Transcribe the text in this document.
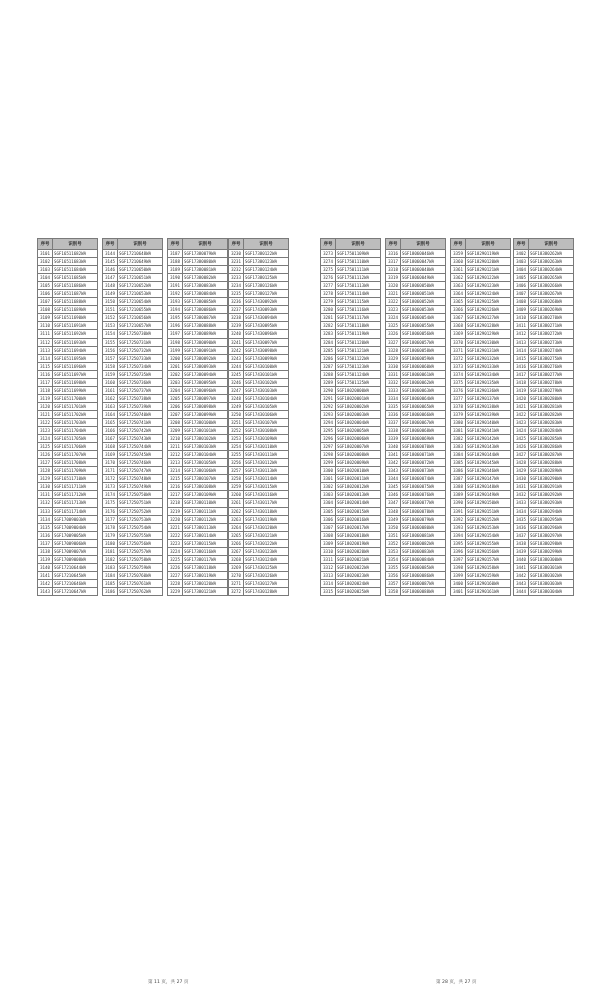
序号	识别号
3101	SGF16511682WA
3102	SGF16511683WA
3103	SGF16511684WA
3104	SGF16511685WA
3105	SGF16511686WA
3106	SGF16511687WA
3107	SGF16511688WA
3108	SGF16511689WA
3109	SGF16511690WA
3110	SGF16511691WA
3111	SGF16511692WA
3112	SGF16511693WA
3113	SGF16511694WA
3114	SGF16511695WA
3115	SGF16511696WA
3116	SGF16511697WA
3117	SGF16511698WA
3118	SGF16511699WA
3119	SGF16511700WA
3120	SGF16511701WA
3121	SGF16511702WA
3122	SGF16511703WA
3123	SGF16511704WA
3124	SGF16511705WA
3125	SGF16511706WA
3126	SGF16511707WA
3127	SGF16511708WA
3128	SGF16511709WA
3129	SGF16511710WA
3130	SGF16511711WA
3131	SGF16511712WA
3132	SGF16511713WA
3133	SGF16511714WA
3134	SGF17009003WA
3135	SGF17009004WA
3136	SGF17009005WA
3137	SGF17009006WA
3138	SGF17009007WA
3139	SGF17009008WA
3140	SGF17210644WA
3141	SGF17210645WA
3142	SGF17210646WA
3143	SGF17210647WA
序号	识别号
3144	SGF17210648WA
3145	SGF17210649WA
3146	SGF17210650WA
3147	SGF17210651WA
3148	SGF17210652WA
3149	SGF17210653WA
3150	SGF17210654WA
3151	SGF17210655WA
3152	SGF17210656WA
3153	SGF17210657WA
3154	SGF17250730WA
3155	SGF17250731WA
3156	SGF17250732WA
3157	SGF17250733WA
3158	SGF17250734WA
3159	SGF17250735WA
3160	SGF17250736WA
3161	SGF17250737WA
3162	SGF17250738WA
3163	SGF17250739WA
3164	SGF17250740WA
3165	SGF17250741WA
3166	SGF17250742WA
3167	SGF17250743WA
3168	SGF17250744WA
3169	SGF17250745WA
3170	SGF17250746WA
3171	SGF17250747WA
3172	SGF17250748WA
3173	SGF17250749WA
3174	SGF17250750WA
3175	SGF17250751WA
3176	SGF17250752WA
3177	SGF17250753WA
3178	SGF17250754WA
3179	SGF17250755WA
3180	SGF17250756WA
3181	SGF17250757WA
3182	SGF17250758WA
3183	SGF17250759WA
3184	SGF17250760WA
3185	SGF17250761WA
3186	SGF17250762WA
序号	识别号
3187	SGF17380079WA
3188	SGF17380080WA
3189	SGF17380081WA
3190	SGF17380082WA
3191	SGF17380083WA
3192	SGF17380084WA
3193	SGF17380085WA
3194	SGF17380086WA
3195	SGF17380087WA
3196	SGF17380088WA
3197	SGF17380089WA
3198	SGF17380090WA
3199	SGF17380091WA
3200	SGF17380092WA
3201	SGF17380093WA
3202	SGF17380094WA
3203	SGF17380095WA
3204	SGF17380096WA
3205	SGF17380097WA
3206	SGF17380098WA
3207	SGF17380099WA
3208	SGF17380100WA
3209	SGF17380101WA
3210	SGF17380102WA
3211	SGF17380103WA
3212	SGF17380104WA
3213	SGF17380105WA
3214	SGF17380106WA
3215	SGF17380107WA
3216	SGF17380108WA
3217	SGF17380109WA
3218	SGF17380110WA
3219	SGF17380111WA
3220	SGF17380112WA
3221	SGF17380113WA
3222	SGF17380114WA
3223	SGF17380115WA
3224	SGF17380116WA
3225	SGF17380117WA
3226	SGF17380118WA
3227	SGF17380119WA
3228	SGF17380120WA
3229	SGF17380121WA
序号	识别号
3230	SGF17380122WA
3231	SGF17380123WA
3232	SGF17380124WA
3233	SGF17380125WA
3234	SGF17380126WA
3235	SGF17380127WA
3236	SGF17430092WA
3237	SGF17430093WA
3238	SGF17430094WA
3239	SGF17430095WA
3240	SGF17430096WA
3241	SGF17430097WA
3242	SGF17430098WA
3243	SGF17430099WA
3244	SGF17430100WA
3245	SGF17430101WA
3246	SGF17430102WA
3247	SGF17430103WA
3248	SGF17430104WA
3249	SGF17430105WA
3250	SGF17430106WA
3251	SGF17430107WA
3252	SGF17430108WA
3253	SGF17430109WA
3254	SGF17430110WA
3255	SGF17430111WA
3256	SGF17430112WA
3257	SGF17430113WA
3258	SGF17430114WA
3259	SGF17430115WA
3260	SGF17430116WA
3261	SGF17430117WA
3262	SGF17430118WA
3263	SGF17430119WA
3264	SGF17430120WA
3265	SGF17430121WA
3266	SGF17430122WA
3267	SGF17430123WA
3268	SGF17430124WA
3269	SGF17430125WA
3270	SGF17430126WA
3271	SGF17430127WA
3272	SGF17430128WA
序号	识别号
3273	SGF17501109WA
3274	SGF17501110WA
3275	SGF17501111WA
3276	SGF17501112WA
3277	SGF17501113WA
3278	SGF17501114WA
3279	SGF17501115WA
3280	SGF17501116WA
3281	SGF17501117WA
3282	SGF17501118WA
3283	SGF17501119WA
3284	SGF17501120WA
3285	SGF17501121WA
3286	SGF17501122WA
3287	SGF17501123WA
3288	SGF17501124WA
3289	SGF17501125WA
3290	SGF18020000WA
3291	SGF18020001WA
3292	SGF18020002WA
3293	SGF18020003WA
3294	SGF18020004WA
3295	SGF18020005WA
3296	SGF18020006WA
3297	SGF18020007WA
3298	SGF18020008WA
3299	SGF18020009WA
3300	SGF18020010WA
3301	SGF18020011WA
3302	SGF18020012WA
3303	SGF18020013WA
3304	SGF18020014WA
3305	SGF18020015WA
3306	SGF18020016WA
3307	SGF18020017WA
3308	SGF18020018WA
3309	SGF18020019WA
3310	SGF18020020WA
3311	SGF18020021WA
3312	SGF18020022WA
3313	SGF18020023WA
3314	SGF18020024WA
3315	SGF18020025WA
序号	识别号
3316	SGF18060046WA
3317	SGF18060047WA
3318	SGF18060048WA
3319	SGF18060049WA
3320	SGF18060050WA
3321	SGF18060051WA
3322	SGF18060052WA
3323	SGF18060053WA
3324	SGF18060054WA
3325	SGF18060055WA
3326	SGF18060056WA
3327	SGF18060057WA
3328	SGF18060058WA
3329	SGF18060059WA
3330	SGF18060060WA
3331	SGF18060061WA
3332	SGF18060062WA
3333	SGF18060063WA
3334	SGF18060064WA
3335	SGF18060065WA
3336	SGF18060066WA
3337	SGF18060067WA
3338	SGF18060068WA
3339	SGF18060069WA
3340	SGF18060070WA
3341	SGF18060071WA
3342	SGF18060072WA
3343	SGF18060073WA
3344	SGF18060074WA
3345	SGF18060075WA
3346	SGF18060076WA
3347	SGF18060077WA
3348	SGF18060078WA
3349	SGF18060079WA
3350	SGF18060080WA
3351	SGF18060081WA
3352	SGF18060082WA
3353	SGF18060083WA
3354	SGF18060084WA
3355	SGF18060085WA
3356	SGF18060086WA
3357	SGF18060087WA
3358	SGF18060088WA
序号	识别号
3359	SGF18290119WA
3360	SGF18290120WA
3361	SGF18290121WA
3362	SGF18290122WA
3363	SGF18290123WA
3364	SGF18290124WA
3365	SGF18290125WA
3366	SGF18290126WA
3367	SGF18290127WA
3368	SGF18290128WA
3369	SGF18290129WA
3370	SGF18290130WA
3371	SGF18290131WA
3372	SGF18290132WA
3373	SGF18290133WA
3374	SGF18290134WA
3375	SGF18290135WA
3376	SGF18290136WA
3377	SGF18290137WA
3378	SGF18290138WA
3379	SGF18290139WA
3380	SGF18290140WA
3381	SGF18290141WA
3382	SGF18290142WA
3383	SGF18290143WA
3384	SGF18290144WA
3385	SGF18290145WA
3386	SGF18290146WA
3387	SGF18290147WA
3388	SGF18290148WA
3389	SGF18290149WA
3390	SGF18290150WA
3391	SGF18290151WA
3392	SGF18290152WA
3393	SGF18290153WA
3394	SGF18290154WA
3395	SGF18290155WA
3396	SGF18290156WA
3397	SGF18290157WA
3398	SGF18290158WA
3399	SGF18290159WA
3400	SGF18290160WA
3401	SGF18290161WA
序号	识别号
3402	SGF18380262WA
3403	SGF18380263WA
3404	SGF18380264WA
3405	SGF18380265WA
3406	SGF18380266WA
3407	SGF18380267WA
3408	SGF18380268WA
3409	SGF18380269WA
3410	SGF18380270WA
3411	SGF18380271WA
3412	SGF18380272WA
3413	SGF18380273WA
3414	SGF18380274WA
3415	SGF18380275WA
3416	SGF18380276WA
3417	SGF18380277WA
3418	SGF18380278WA
3419	SGF18380279WA
3420	SGF18380280WA
3421	SGF18380281WA
3422	SGF18380282WA
3423	SGF18380283WA
3424	SGF18380284WA
3425	SGF18380285WA
3426	SGF18380286WA
3427	SGF18380287WA
3428	SGF18380288WA
3429	SGF18380289WA
3430	SGF18380290WA
3431	SGF18380291WA
3432	SGF18380292WA
3433	SGF18380293WA
3434	SGF18380294WA
3435	SGF18380295WA
3436	SGF18380296WA
3437	SGF18380297WA
3438	SGF18380298WA
3439	SGF18380299WA
3440	SGF18380300WA
3441	SGF18380301WA
3442	SGF18380302WA
3443	SGF18380303WA
3444	SGF18380304WA
第 11 页，共 27 页	第 28 页，共 27 页
